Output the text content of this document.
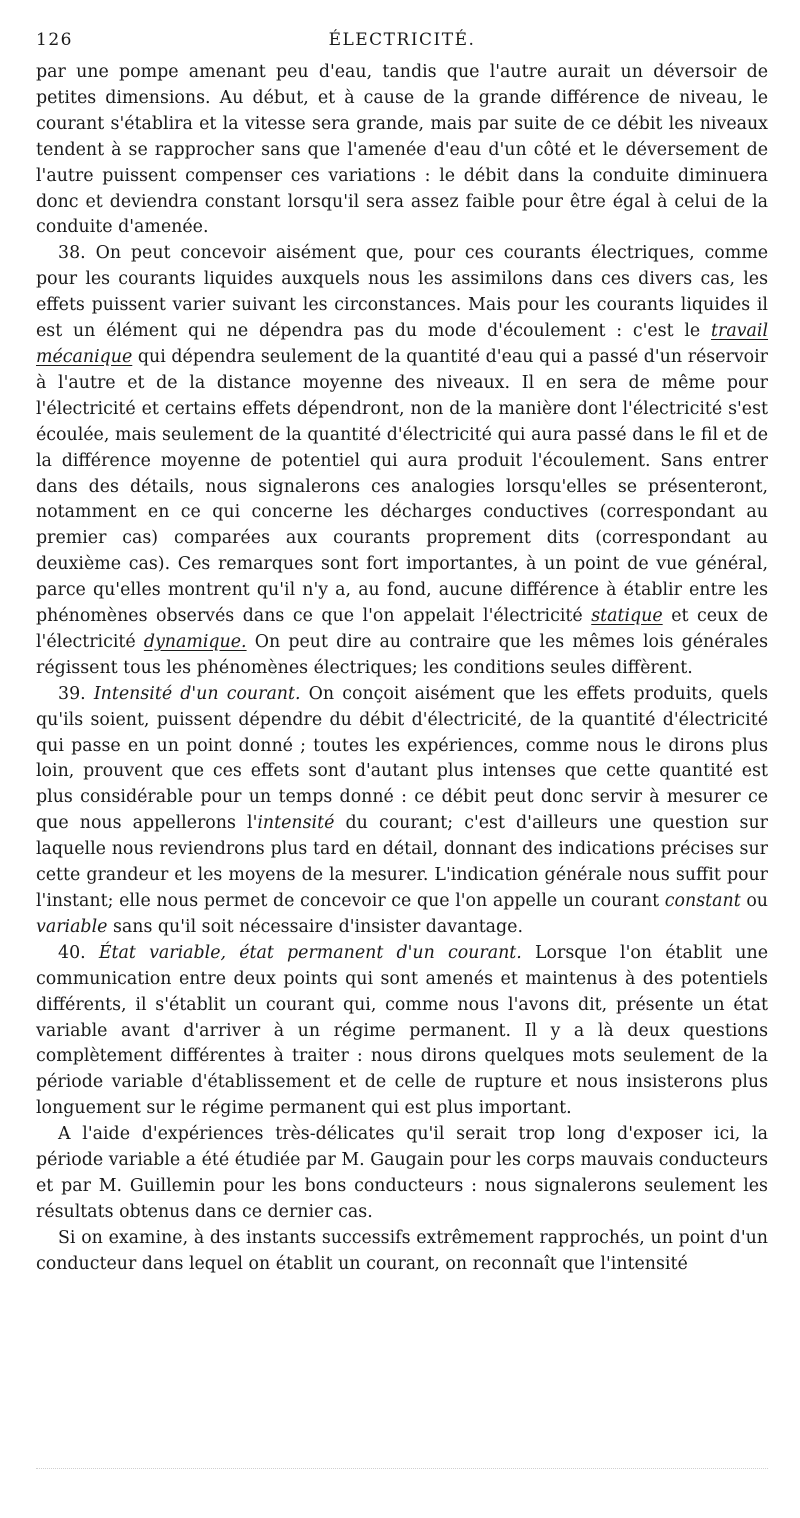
126	ÉLECTRICITÉ.

par une pompe amenant peu d'eau, tandis que l'autre aurait un déversoir de petites dimensions. Au début, et à cause de la grande différence de niveau, le courant s'établira et la vitesse sera grande, mais par suite de ce débit les niveaux tendent à se rapprocher sans que l'amenée d'eau d'un côté et le déversement de l'autre puissent compenser ces variations : le débit dans la conduite diminuera donc et deviendra constant lorsqu'il sera assez faible pour être égal à celui de la conduite d'amenée.

38. On peut concevoir aisément que, pour ces courants électriques, comme pour les courants liquides auxquels nous les assimilons dans ces divers cas, les effets puissent varier suivant les circonstances. Mais pour les courants liquides il est un élément qui ne dépendra pas du mode d'écoulement : c'est le travail mécanique qui dépendra seulement de la quantité d'eau qui a passé d'un réservoir à l'autre et de la distance moyenne des niveaux. Il en sera de même pour l'électricité et certains effets dépendront, non de la manière dont l'électricité s'est écoulée, mais seulement de la quantité d'électricité qui aura passé dans le fil et de la différence moyenne de potentiel qui aura produit l'écoulement. Sans entrer dans des détails, nous signalerons ces analogies lorsqu'elles se présenteront, notamment en ce qui concerne les décharges conductives (correspondant au premier cas) comparées aux courants proprement dits (correspondant au deuxième cas). Ces remarques sont fort importantes, à un point de vue général, parce qu'elles montrent qu'il n'y a, au fond, aucune différence à établir entre les phénomènes observés dans ce que l'on appelait l'électricité statique et ceux de l'électricité dynamique. On peut dire au contraire que les mêmes lois générales régissent tous les phénomènes électriques; les conditions seules diffèrent.

39. Intensité d'un courant. On conçoit aisément que les effets produits, quels qu'ils soient, puissent dépendre du débit d'électricité, de la quantité d'électricité qui passe en un point donné ; toutes les expériences, comme nous le dirons plus loin, prouvent que ces effets sont d'autant plus intenses que cette quantité est plus considérable pour un temps donné : ce débit peut donc servir à mesurer ce que nous appellerons l'intensité du courant; c'est d'ailleurs une question sur laquelle nous reviendrons plus tard en détail, donnant des indications précises sur cette grandeur et les moyens de la mesurer. L'indication générale nous suffit pour l'instant; elle nous permet de concevoir ce que l'on appelle un courant constant ou variable sans qu'il soit nécessaire d'insister davantage.

40. État variable, état permanent d'un courant. Lorsque l'on établit une communication entre deux points qui sont amenés et maintenus à des potentiels différents, il s'établit un courant qui, comme nous l'avons dit, présente un état variable avant d'arriver à un régime permanent. Il y a là deux questions complètement différentes à traiter : nous dirons quelques mots seulement de la période variable d'établissement et de celle de rupture et nous insisterons plus longuement sur le régime permanent qui est plus important.

A l'aide d'expériences très-délicates qu'il serait trop long d'exposer ici, la période variable a été étudiée par M. Gaugain pour les corps mauvais conducteurs et par M. Guillemin pour les bons conducteurs : nous signalerons seulement les résultats obtenus dans ce dernier cas.

Si on examine, à des instants successifs extrêmement rapprochés, un point d'un conducteur dans lequel on établit un courant, on reconnaît que l'intensité
